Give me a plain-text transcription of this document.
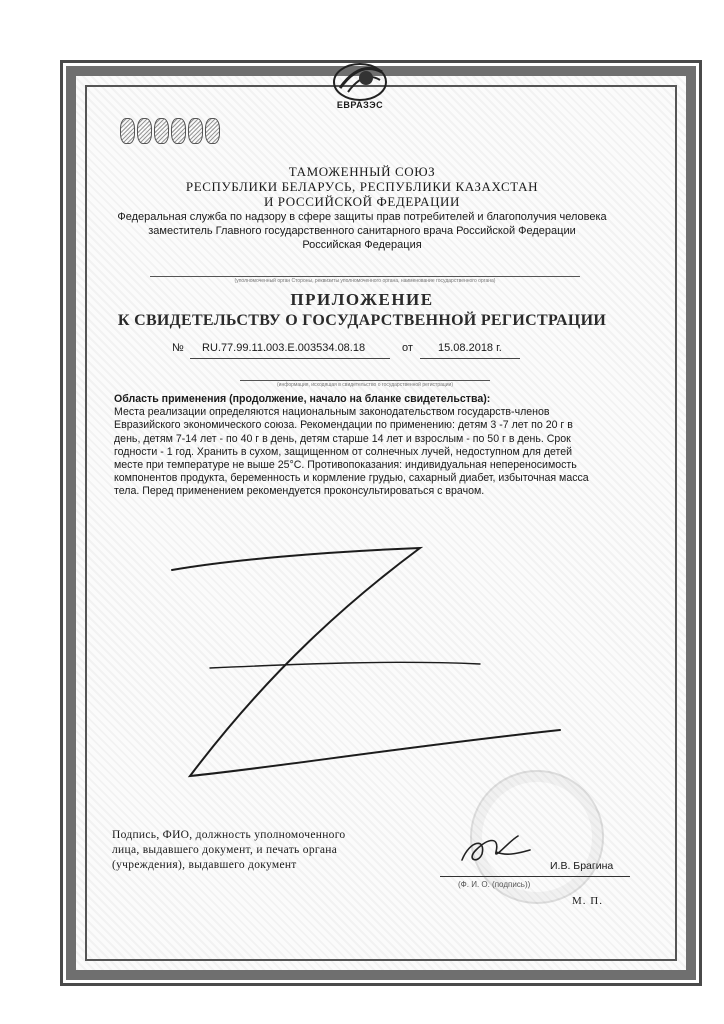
ЕВРАЗЭС
ТАМОЖЕННЫЙ СОЮЗ
РЕСПУБЛИКИ БЕЛАРУСЬ, РЕСПУБЛИКИ КАЗАХСТАН
И РОССИЙСКОЙ ФЕДЕРАЦИИ
Федеральная служба по надзору в сфере защиты прав потребителей и благополучия человека
заместитель Главного государственного санитарного врача Российской Федерации
Российская Федерация
(уполномоченный орган Стороны, реквизиты уполномоченного органа, наименование государственного органа)
ПРИЛОЖЕНИЕ
К СВИДЕТЕЛЬСТВУ О ГОСУДАРСТВЕННОЙ РЕГИСТРАЦИИ
№ RU.77.99.11.003.E.003534.08.18	от 15.08.2018 г.
(информация, исходящая в свидетельство о государственной регистрации)
Область применения (продолжение, начало на бланке свидетельства):
Места реализации определяются национальным законодательством государств-членов
Евразийского экономического союза. Рекомендации по применению: детям 3 -7 лет по 20 г в
день, детям 7-14 лет - по 40 г в день, детям старше 14 лет и взрослым - по 50 г в день. Срок
годности - 1 год. Хранить в сухом, защищенном от солнечных лучей, недоступном для детей
месте при температуре не выше 25°С. Противопоказания: индивидуальная непереносимость
компонентов продукта, беременность и кормление грудью, сахарный диабет, избыточная масса
тела. Перед применением рекомендуется проконсультироваться с врачом.
Подпись, ФИО, должность уполномоченного
лица, выдавшего документ, и печать органа
(учреждения), выдавшего документ	И.В. Брагина
(Ф. И. О. (подпись))
М. П.
